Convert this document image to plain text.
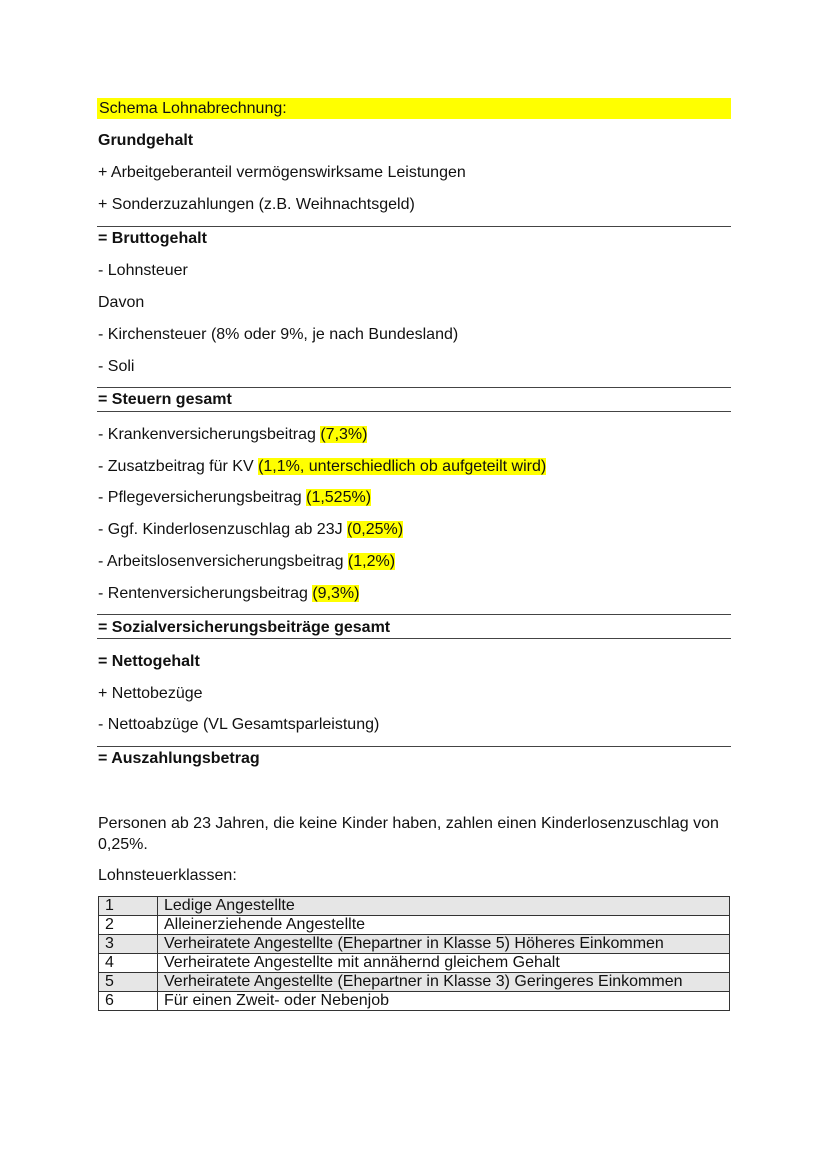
Schema Lohnabrechnung:
Grundgehalt
+ Arbeitgeberanteil vermögenswirksame Leistungen
+ Sonderzuzahlungen (z.B. Weihnachtsgeld)
= Bruttogehalt
- Lohnsteuer
Davon
- Kirchensteuer (8% oder 9%, je nach Bundesland)
- Soli
= Steuern gesamt
- Krankenversicherungsbeitrag (7,3%)
- Zusatzbeitrag für KV (1,1%, unterschiedlich ob aufgeteilt wird)
- Pflegeversicherungsbeitrag (1,525%)
- Ggf. Kinderlosenzuschlag ab 23J (0,25%)
- Arbeitslosenversicherungsbeitrag (1,2%)
- Rentenversicherungsbeitrag (9,3%)
= Sozialversicherungsbeiträge gesamt
= Nettogehalt
+ Nettobezüge
- Nettoabzüge (VL Gesamtsparleistung)
= Auszahlungsbetrag
Personen ab 23 Jahren, die keine Kinder haben, zahlen einen Kinderlosenzuschlag von 0,25%.
Lohnsteuerklassen:
1	Ledige Angestellte
2	Alleinerziehende Angestellte
3	Verheiratete Angestellte (Ehepartner in Klasse 5) Höheres Einkommen
4	Verheiratete Angestellte mit annähernd gleichem Gehalt
5	Verheiratete Angestellte (Ehepartner in Klasse 3) Geringeres Einkommen
6	Für einen Zweit- oder Nebenjob
